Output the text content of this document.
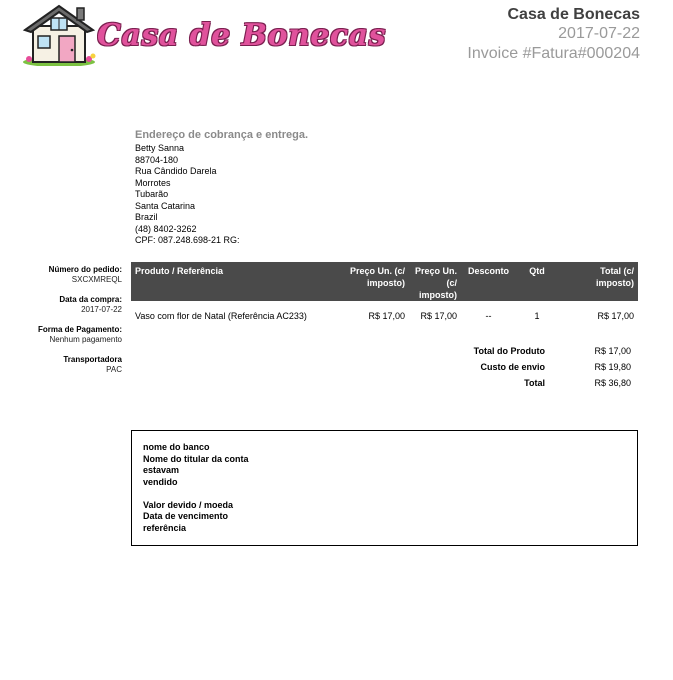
Casa de Bonecas
Casa de Bonecas
2017-07-22
Invoice #Fatura#000204
Endereço de cobrança e entrega.
Betty Sanna
88704-180
Rua Cândido Darela
Morrotes
Tubarão
Santa Catarina
Brazil
(48) 8402-3262
CPF: 087.248.698-21 RG:
Número do pedido:
SXCXMREQL
Data da compra:
2017-07-22
Forma de Pagamento:
Nenhum pagamento
Transportadora
PAC
Produto / Referência	Preço Un. (c/ imposto)	Preço Un. (c/ imposto)	Desconto	Qtd	Total (c/ imposto)
Vaso com flor de Natal (Referência AC233)	R$ 17,00	R$ 17,00	--	1	R$ 17,00
Total do Produto	R$ 17,00
Custo de envio	R$ 19,80
Total	R$ 36,80
nome do banco
Nome do titular da conta
estavam
vendido
Valor devido / moeda
Data de vencimento
referência
